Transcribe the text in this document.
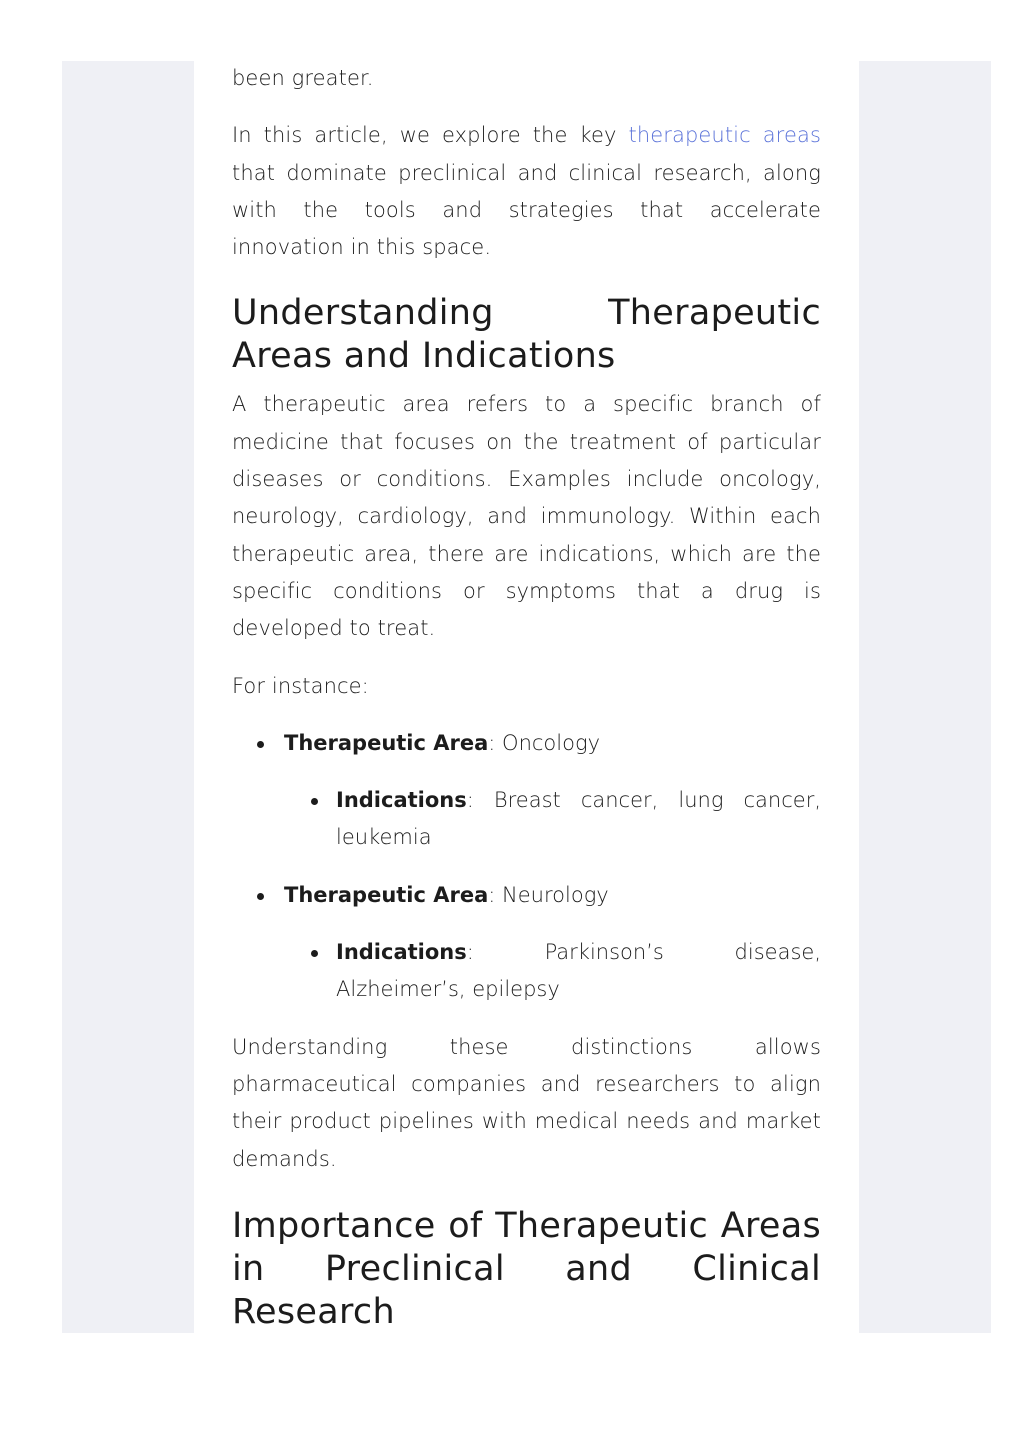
been greater.

In this article, we explore the key therapeutic areas that dominate preclinical and clinical research, along with the tools and strategies that accelerate innovation in this space.

Understanding Therapeutic Areas and Indications

A therapeutic area refers to a specific branch of medicine that focuses on the treatment of particular diseases or conditions. Examples include oncology, neurology, cardiology, and immunology. Within each therapeutic area, there are indications, which are the specific conditions or symptoms that a drug is developed to treat.

For instance:

Therapeutic Area: Oncology
Indications: Breast cancer, lung cancer, leukemia
Therapeutic Area: Neurology
Indications: Parkinson’s disease, Alzheimer’s, epilepsy

Understanding these distinctions allows pharmaceutical companies and researchers to align their product pipelines with medical needs and market demands.

Importance of Therapeutic Areas in Preclinical and Clinical Research
